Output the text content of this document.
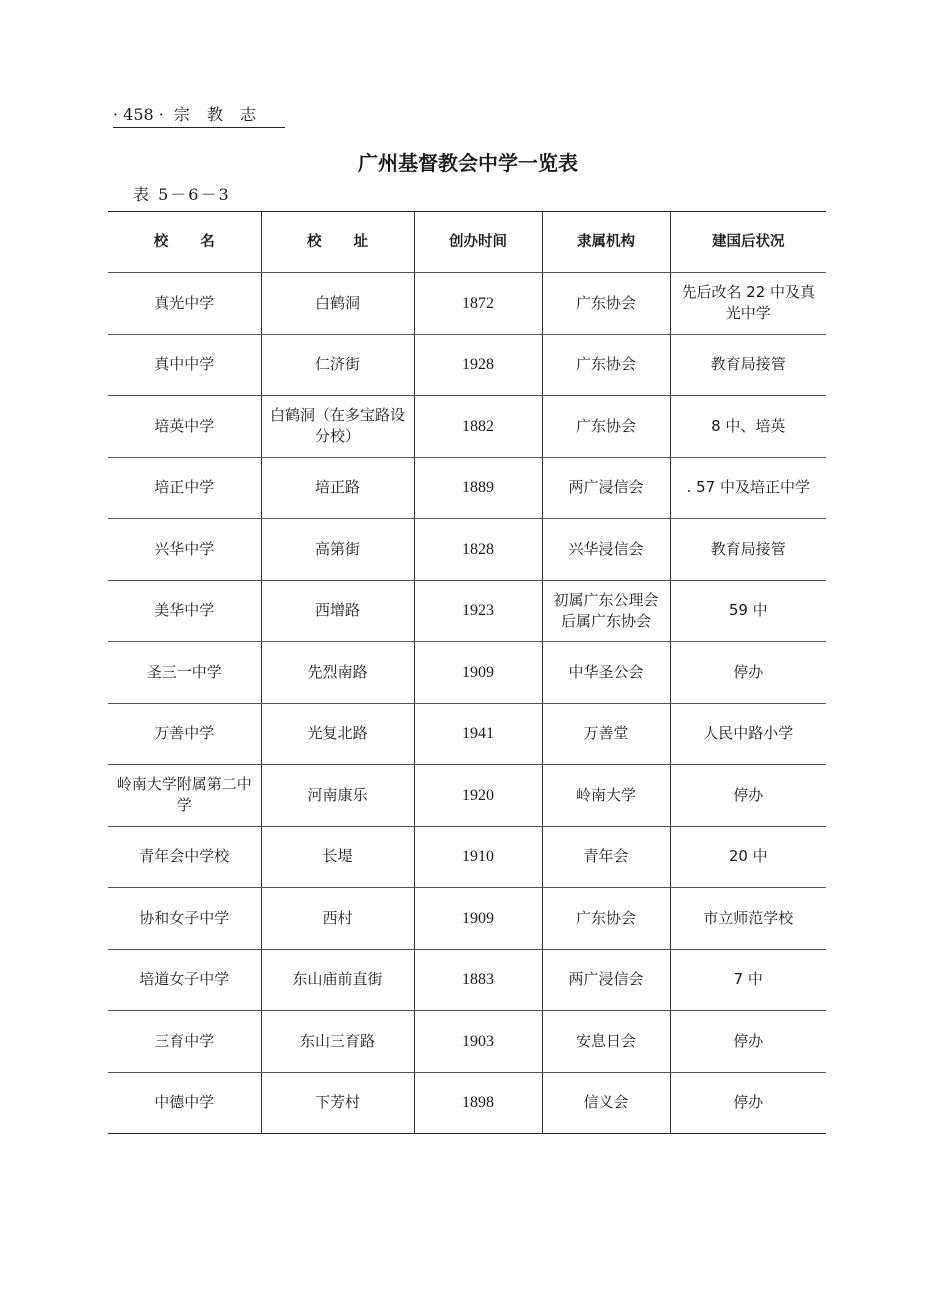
· 458 · 宗 教 志
广州基督教会中学一览表
表 5－6－3
校名	校址	创办时间	隶属机构	建国后状况
真光中学	白鹤洞	1872	广东协会	先后改名 22 中及真光中学
真中中学	仁济街	1928	广东协会	教育局接管
培英中学	白鹤洞（在多宝路设分校）	1882	广东协会	8 中、培英
培正中学	培正路	1889	两广浸信会	. 57 中及培正中学
兴华中学	高第街	1828	兴华浸信会	教育局接管
美华中学	西增路	1923	初属广东公理会后属广东协会	59 中
圣三一中学	先烈南路	1909	中华圣公会	停办
万善中学	光复北路	1941	万善堂	人民中路小学
岭南大学附属第二中学	河南康乐	1920	岭南大学	停办
青年会中学校	长堤	1910	青年会	20 中
协和女子中学	西村	1909	广东协会	市立师范学校
培道女子中学	东山庙前直街	1883	两广浸信会	7 中
三育中学	东山三育路	1903	安息日会	停办
中德中学	下芳村	1898	信义会	停办
